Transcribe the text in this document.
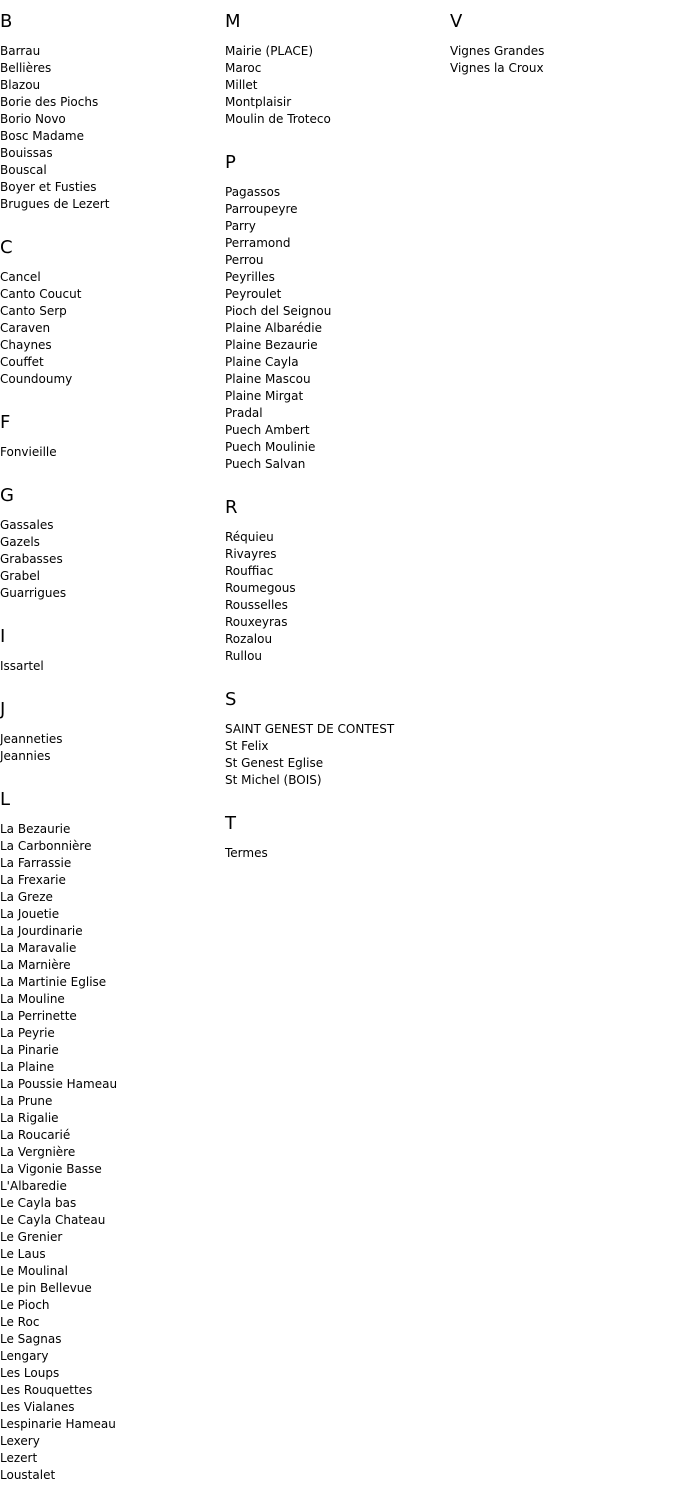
B
Barrau
Bellières
Blazou
Borie des Piochs
Borio Novo
Bosc Madame
Bouissas
Bouscal
Boyer et Fusties
Brugues de Lezert
C
Cancel
Canto Coucut
Canto Serp
Caraven
Chaynes
Couffet
Coundoumy
F
Fonvieille
G
Gassales
Gazels
Grabasses
Grabel
Guarrigues
I
Issartel
J
Jeanneties
Jeannies
L
La Bezaurie
La Carbonnière
La Farrassie
La Frexarie
La Greze
La Jouetie
La Jourdinarie
La Maravalie
La Marnière
La Martinie Eglise
La Mouline
La Perrinette
La Peyrie
La Pinarie
La Plaine
La Poussie Hameau
La Prune
La Rigalie
La Roucarié
La Vergnière
La Vigonie Basse
L'Albaredie
Le Cayla bas
Le Cayla Chateau
Le Grenier
Le Laus
Le Moulinal
Le pin Bellevue
Le Pioch
Le Roc
Le Sagnas
Lengary
Les Loups
Les Rouquettes
Les Vialanes
Lespinarie Hameau
Lexery
Lezert
Loustalet
M
Mairie (PLACE)
Maroc
Millet
Montplaisir
Moulin de Troteco
P
Pagassos
Parroupeyre
Parry
Perramond
Perrou
Peyrilles
Peyroulet
Pioch del Seignou
Plaine Albarédie
Plaine Bezaurie
Plaine Cayla
Plaine Mascou
Plaine Mirgat
Pradal
Puech Ambert
Puech Moulinie
Puech Salvan
R
Réquieu
Rivayres
Rouffiac
Roumegous
Rousselles
Rouxeyras
Rozalou
Rullou
S
SAINT GENEST DE CONTEST
St Felix
St Genest Eglise
St Michel (BOIS)
T
Termes
V
Vignes Grandes
Vignes la Croux
